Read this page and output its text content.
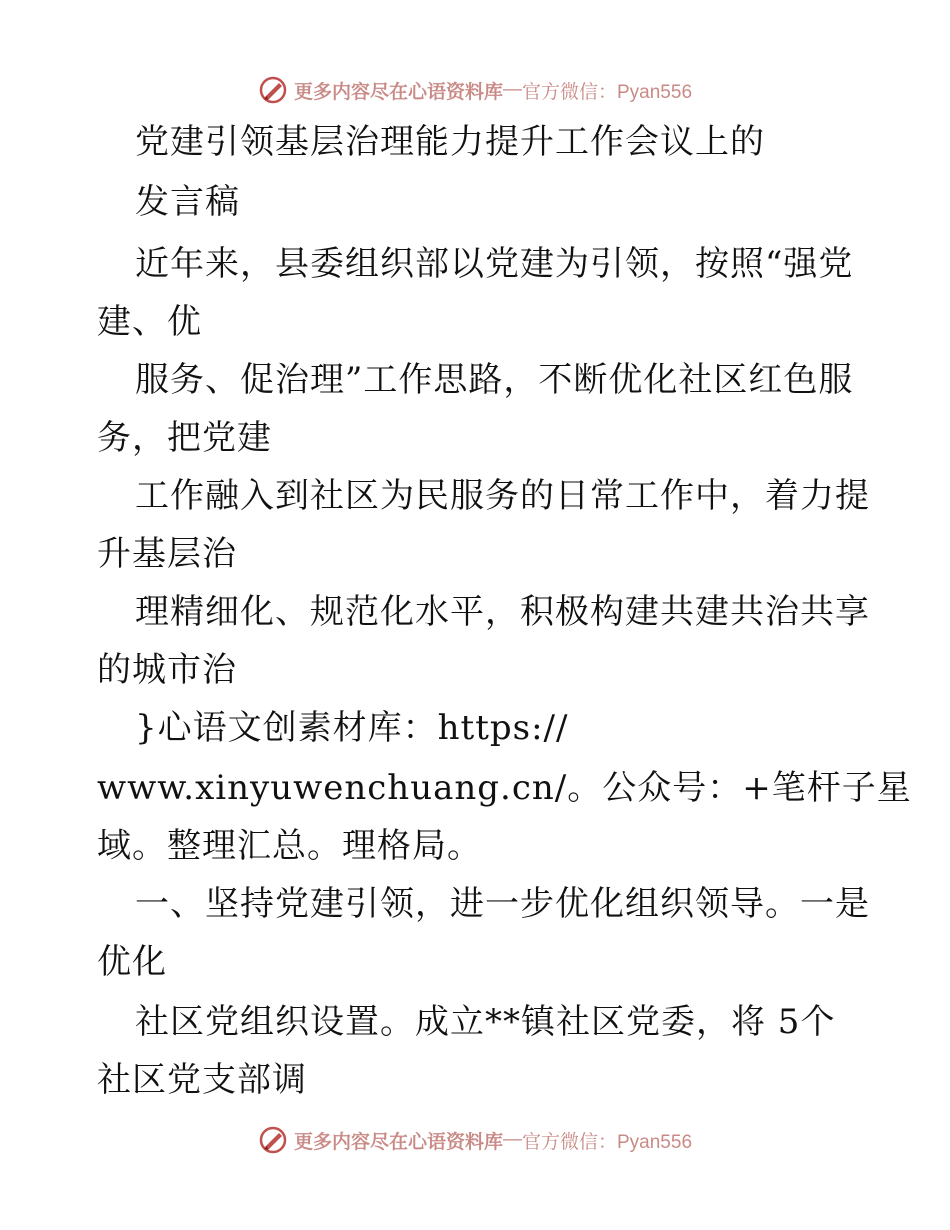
更多内容尽在心语资料库 — 官方微信：Pyan556
党建引领基层治理能力提升工作会议上的
发言稿
近年来，县委组织部以党建为引领，按照“强党
建、优
服务、促治理”工作思路，不断优化社区红色服
务，把党建
工作融入到社区为民服务的日常工作中，着力提
升基层治
理精细化、规范化水平，积极构建共建共治共享
的城市治
}心语文创素材库：https://
www.xinyuwenchuang.cn/。公众号：+笔杆子星
域。整理汇总。理格局。
一、坚持党建引领，进一步优化组织领导。一是
优化
社区党组织设置。成立**镇社区党委，将 5个
社区党支部调
更多内容尽在心语资料库 — 官方微信：Pyan556
